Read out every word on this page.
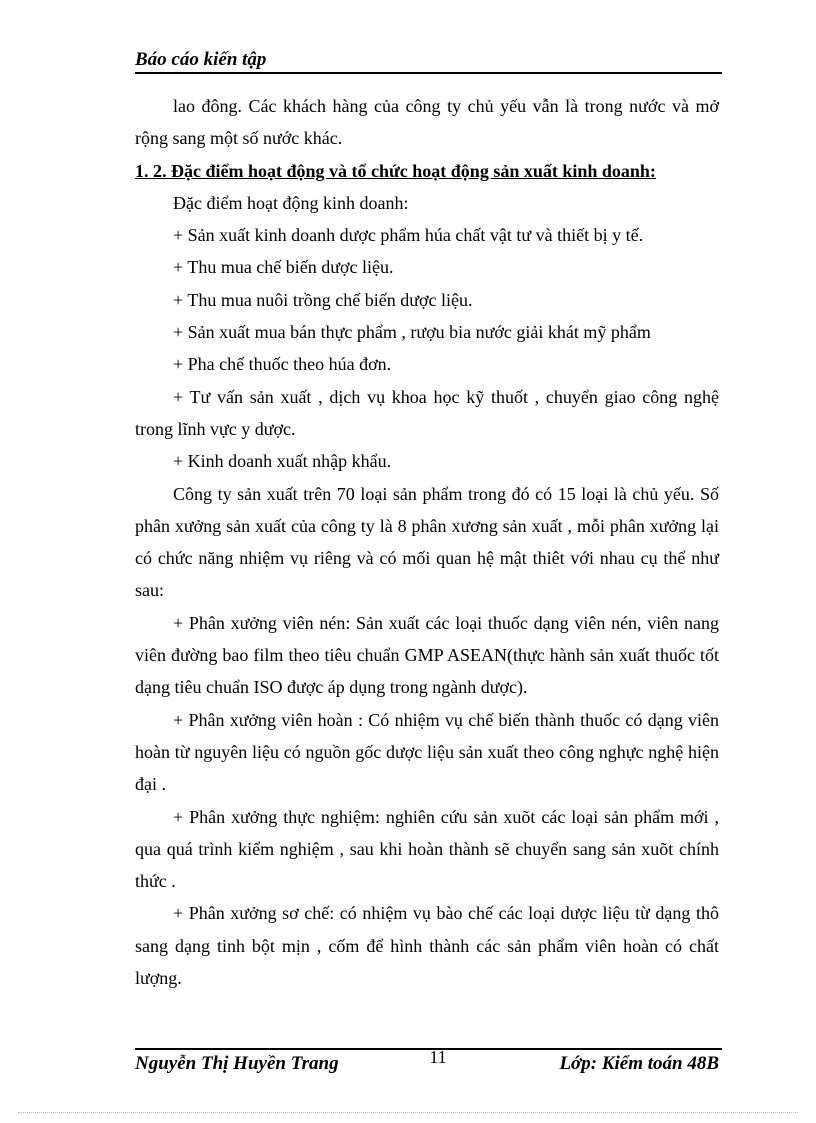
Báo cáo kiến tập

lao đông. Các khách hàng của công ty chủ yếu vẫn là trong nước và mở rộng sang một số nước khác.

1. 2. Đặc điểm hoạt động và tổ chức hoạt động sản xuất kinh doanh:

Đặc điểm hoạt động kinh doanh:

+ Sản xuất kinh doanh dược phẩm húa chất vật tư và thiết bị y tế.

+ Thu mua chế biến dược liệu.

+ Thu mua nuôi trồng chế biến dược liệu.

+ Sản xuất mua bán thực phẩm , rượu bia nước giải khát mỹ phẩm

+ Pha chế thuốc theo húa đơn.

+ Tư vấn sản xuất , dịch vụ khoa học kỹ thuốt , chuyển giao công nghệ trong lĩnh vực y dược.

+ Kinh doanh xuất nhập khẩu.

Công ty sản xuất trên 70 loại sản phẩm trong đó có 15 loại là chủ yếu. Số phân xưởng sản xuất của công ty là 8 phân xương sản xuất , mỗi phân xưởng lại có chức năng nhiệm vụ riêng và có mối quan hệ mật thiêt với nhau cụ thể như sau:

+ Phân xưởng viên nén: Sản xuất các loại thuốc dạng viên nén, viên nang viên đường bao film theo tiêu chuẩn GMP ASEAN(thực hành sản xuất thuốc tốt dạng tiêu chuẩn ISO được áp dụng trong ngành dược).

+ Phân xưởng viên hoàn : Có nhiệm vụ chế biến thành thuốc có dạng viên hoàn từ nguyên liệu có nguồn gốc dược liệu sản xuất theo công nghực nghệ hiện đại .

+ Phân xưởng thực nghiệm: nghiên cứu sản xuõt các loại sản phẩm mới , qua quá trình kiểm nghiệm , sau khi hoàn thành sẽ chuyển sang sản xuõt chính thức .

+ Phân xưởng sơ chế: có nhiệm vụ bào chế các loại dược liệu từ dạng thô sang dạng tinh bột mịn , cốm để hình thành các sản phẩm viên hoàn có chất lượng.

Nguyễn Thị Huyền Trang	11	Lớp: Kiểm toán 48B
